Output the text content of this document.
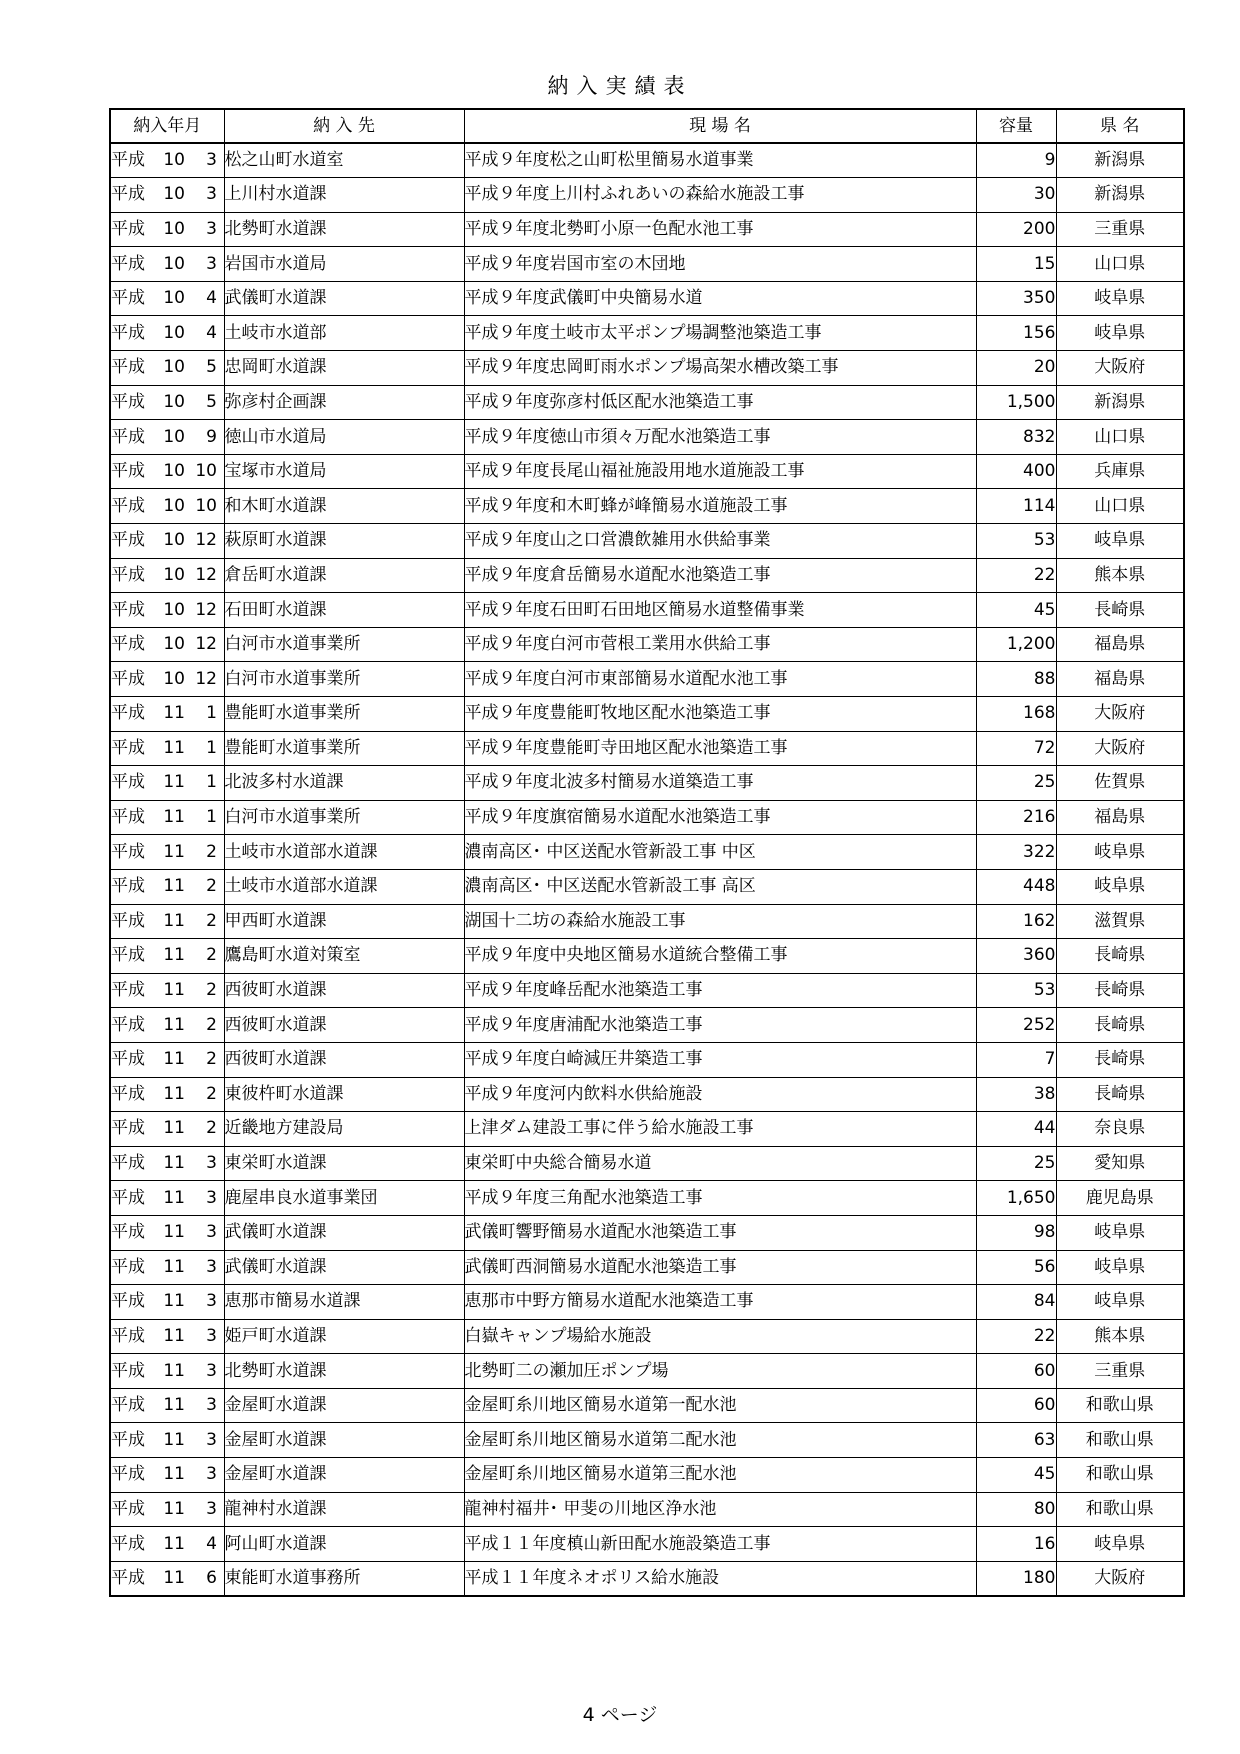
納入実績表
納入年月	納 入 先	現 場 名	容量	県 名
平成 10 3	松之山町水道室	平成９年度松之山町松里簡易水道事業	9	新潟県
平成 10 3	上川村水道課	平成９年度上川村ふれあいの森給水施設工事	30	新潟県
平成 10 3	北勢町水道課	平成９年度北勢町小原一色配水池工事	200	三重県
平成 10 3	岩国市水道局	平成９年度岩国市室の木団地	15	山口県
平成 10 4	武儀町水道課	平成９年度武儀町中央簡易水道	350	岐阜県
平成 10 4	土岐市水道部	平成９年度土岐市太平ポンプ場調整池築造工事	156	岐阜県
平成 10 5	忠岡町水道課	平成９年度忠岡町雨水ポンプ場高架水槽改築工事	20	大阪府
平成 10 5	弥彦村企画課	平成９年度弥彦村低区配水池築造工事	1,500	新潟県
平成 10 9	徳山市水道局	平成９年度徳山市須々万配水池築造工事	832	山口県
平成 10 10	宝塚市水道局	平成９年度長尾山福祉施設用地水道施設工事	400	兵庫県
平成 10 10	和木町水道課	平成９年度和木町蜂が峰簡易水道施設工事	114	山口県
平成 10 12	萩原町水道課	平成９年度山之口営濃飲雑用水供給事業	53	岐阜県
平成 10 12	倉岳町水道課	平成９年度倉岳簡易水道配水池築造工事	22	熊本県
平成 10 12	石田町水道課	平成９年度石田町石田地区簡易水道整備事業	45	長崎県
平成 10 12	白河市水道事業所	平成９年度白河市菅根工業用水供給工事	1,200	福島県
平成 10 12	白河市水道事業所	平成９年度白河市東部簡易水道配水池工事	88	福島県
平成 11 1	豊能町水道事業所	平成９年度豊能町牧地区配水池築造工事	168	大阪府
平成 11 1	豊能町水道事業所	平成９年度豊能町寺田地区配水池築造工事	72	大阪府
平成 11 1	北波多村水道課	平成９年度北波多村簡易水道築造工事	25	佐賀県
平成 11 1	白河市水道事業所	平成９年度旗宿簡易水道配水池築造工事	216	福島県
平成 11 2	土岐市水道部水道課	濃南高区･ 中区送配水管新設工事 中区	322	岐阜県
平成 11 2	土岐市水道部水道課	濃南高区･ 中区送配水管新設工事 高区	448	岐阜県
平成 11 2	甲西町水道課	湖国十二坊の森給水施設工事	162	滋賀県
平成 11 2	鷹島町水道対策室	平成９年度中央地区簡易水道統合整備工事	360	長崎県
平成 11 2	西彼町水道課	平成９年度峰岳配水池築造工事	53	長崎県
平成 11 2	西彼町水道課	平成９年度唐浦配水池築造工事	252	長崎県
平成 11 2	西彼町水道課	平成９年度白崎減圧井築造工事	7	長崎県
平成 11 2	東彼杵町水道課	平成９年度河内飲料水供給施設	38	長崎県
平成 11 2	近畿地方建設局	上津ダム建設工事に伴う給水施設工事	44	奈良県
平成 11 3	東栄町水道課	東栄町中央総合簡易水道	25	愛知県
平成 11 3	鹿屋串良水道事業団	平成９年度三角配水池築造工事	1,650	鹿児島県
平成 11 3	武儀町水道課	武儀町響野簡易水道配水池築造工事	98	岐阜県
平成 11 3	武儀町水道課	武儀町西洞簡易水道配水池築造工事	56	岐阜県
平成 11 3	恵那市簡易水道課	恵那市中野方簡易水道配水池築造工事	84	岐阜県
平成 11 3	姫戸町水道課	白嶽キャンプ場給水施設	22	熊本県
平成 11 3	北勢町水道課	北勢町二の瀬加圧ポンプ場	60	三重県
平成 11 3	金屋町水道課	金屋町糸川地区簡易水道第一配水池	60	和歌山県
平成 11 3	金屋町水道課	金屋町糸川地区簡易水道第二配水池	63	和歌山県
平成 11 3	金屋町水道課	金屋町糸川地区簡易水道第三配水池	45	和歌山県
平成 11 3	龍神村水道課	龍神村福井･ 甲斐の川地区浄水池	80	和歌山県
平成 11 4	阿山町水道課	平成１１年度槙山新田配水施設築造工事	16	岐阜県
平成 11 6	東能町水道事務所	平成１１年度ネオポリス給水施設	180	大阪府
4 ページ
